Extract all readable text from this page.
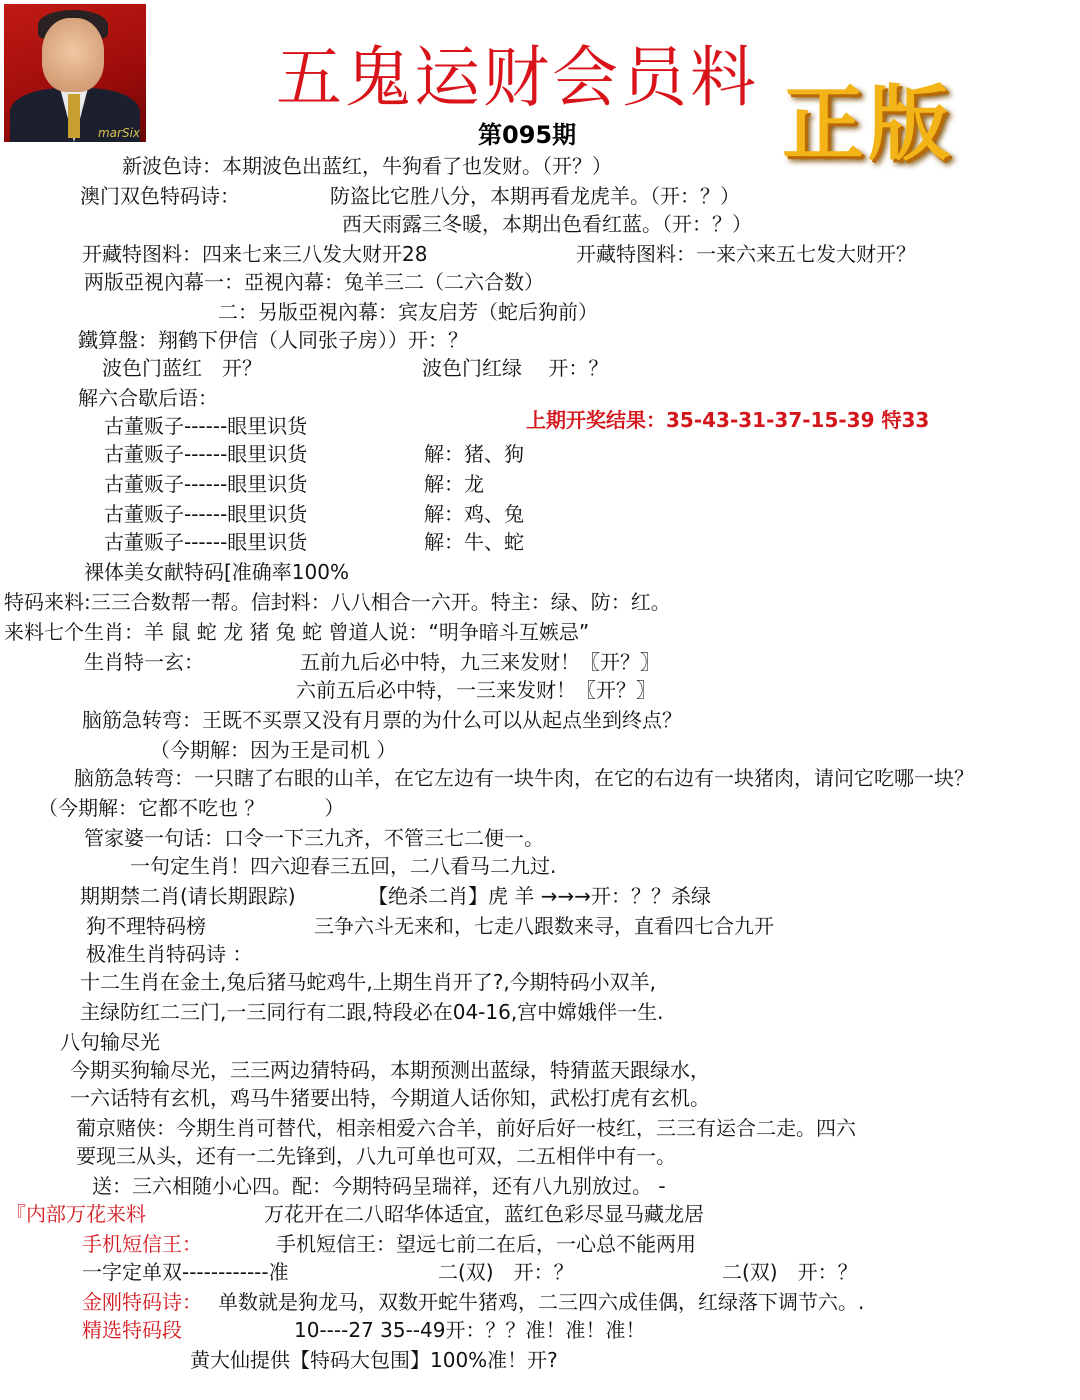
marSix
五鬼运财会员料 正版
第095期
上期开奖结果：35-43-31-37-15-39 特33
新波色诗：本期波色出蓝红，牛狗看了也发财。（开？）
澳门双色特码诗：	防盗比它胜八分，本期再看龙虎羊。（开：？）
西天雨露三冬暖，本期出色看红蓝。（开：？）
开藏特图料：四来七来三八发大财开28	开藏特图料：一来六来五七发大财开？
两版亞視內幕一：亞視內幕：兔羊三二（二六合数）
二：另版亞視內幕：宾友启芳（蛇后狗前）
鐵算盤：翔鹤下伊信（人同张子房））开：？
波色门蓝红　开？	波色门红绿　 开：？
解六合歇后语：
古董贩子------眼里识货
古董贩子------眼里识货	解：猪、狗
古董贩子------眼里识货	解：龙
古董贩子------眼里识货	解：鸡、兔
古董贩子------眼里识货	解：牛、蛇
裸体美女献特码[准确率100%
特码来料:三三合数帮一帮。信封料：八八相合一六开。特主：绿、防：红。
来料七个生肖：羊 鼠 蛇 龙 猪 兔 蛇 曾道人说：“明争暗斗互嫉忌”
生肖特一玄：	五前九后必中特，九三来发财！〖开？〗
六前五后必中特，一三来发财！〖开？〗
脑筋急转弯：王既不买票又没有月票的为什么可以从起点坐到终点？
（今期解：因为王是司机 ）
脑筋急转弯：一只瞎了右眼的山羊，在它左边有一块牛肉，在它的右边有一块猪肉，请问它吃哪一块？
（今期解：它都不吃也 ？　　　）
管家婆一句话：口令一下三九齐，不管三七二便一。
一句定生肖！四六迎春三五回，二八看马二九过.
期期禁二肖(请长期跟踪)	【绝杀二肖】虎 羊 →→→开：？？杀绿
狗不理特码榜	三争六斗无来和，七走八跟数来寻，直看四七合九开
极准生肖特码诗 ：
十二生肖在金土,兔后猪马蛇鸡牛,上期生肖开了?,今期特码小双羊,
主绿防红二三门,一三同行有二跟,特段必在04-16,宫中嫦娥伴一生.
八句输尽光
今期买狗输尽光，三三两边猜特码，本期预测出蓝绿，特猜蓝天跟绿水，
一六话特有玄机，鸡马牛猪要出特，今期道人话你知，武松打虎有玄机。
葡京赌侠：今期生肖可替代，相亲相爱六合羊，前好后好一枝红，三三有运合二走。四六
要现三从头，还有一二先锋到，八九可单也可双，二五相伴中有一。
送：三六相随小心四。配：今期特码呈瑞祥，还有八九别放过。 -
『内部万花来料	万花开在二八昭华体适宜，蓝红色彩尽显马藏龙居
手机短信王：	手机短信王：望远七前二在后，一心总不能两用
一字定单双------------准	二(双)　开：？	二(双)　开：？
金刚特码诗： 单数就是狗龙马，双数开蛇牛猪鸡，二三四六成佳偶，红绿落下调节六。.
精选特码段	10----27 35--49开：？？准！准！准！
黄大仙提供【特码大包围】100%准！开?
